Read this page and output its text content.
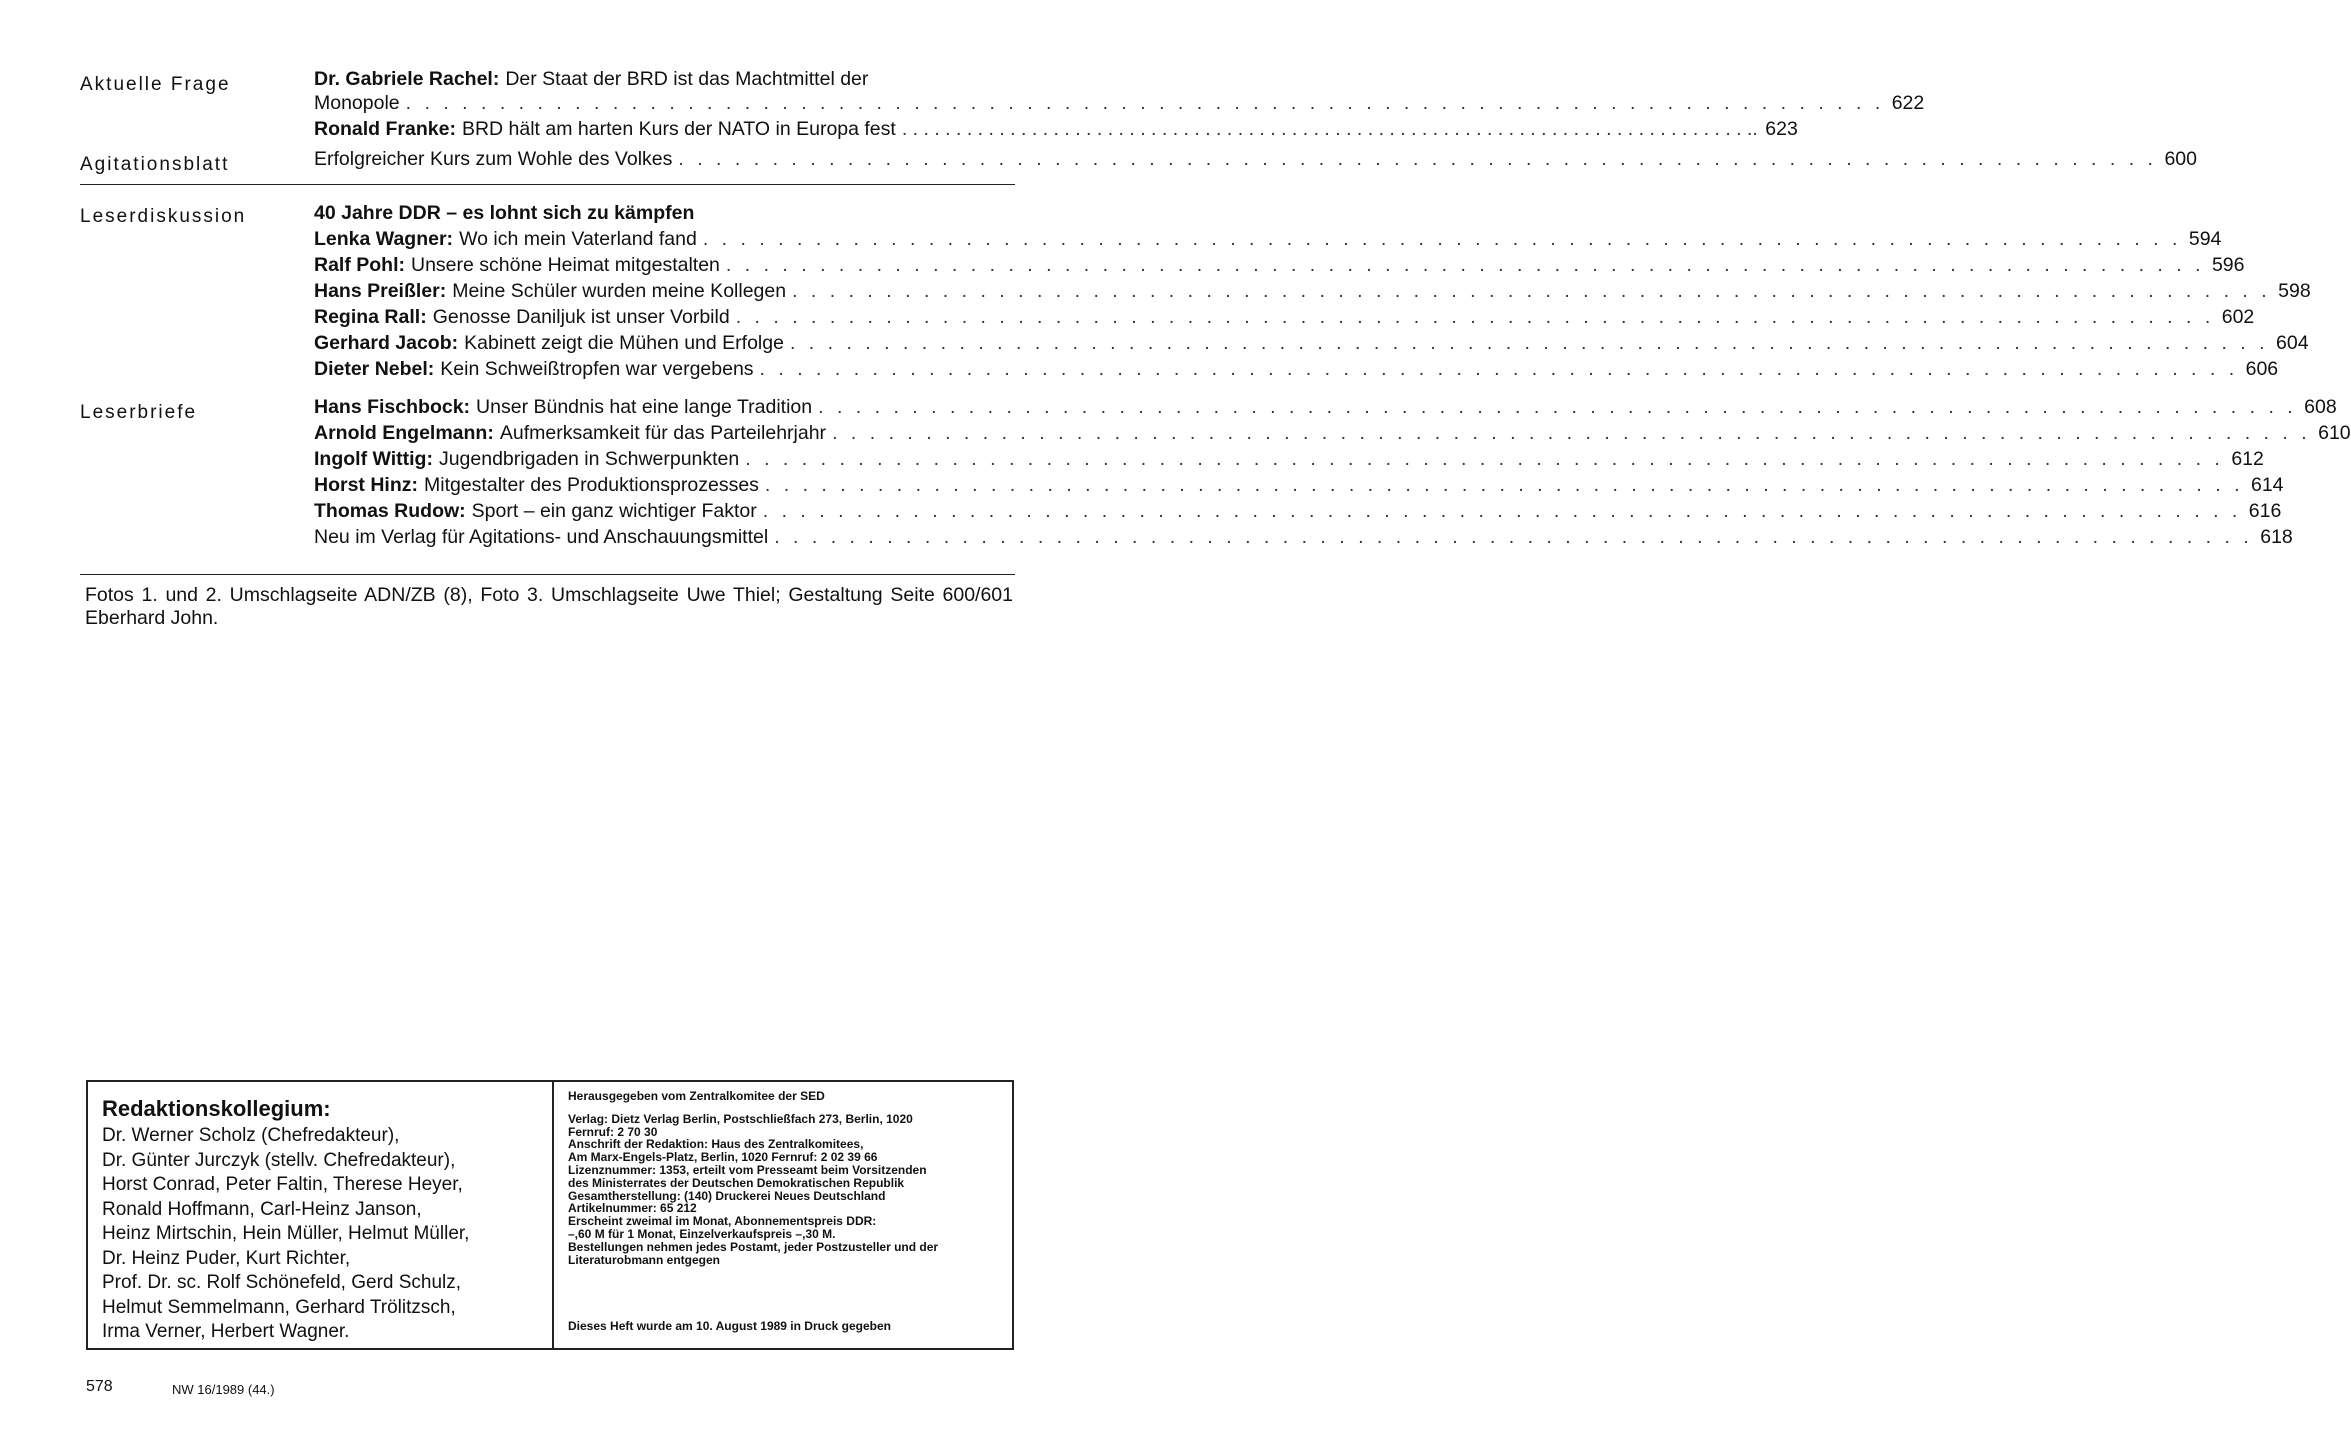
Aktuelle Frage	Dr. Gabriele Rachel: Der Staat der BRD ist das Machtmittel der
Monopole . . .	622
Ronald Franke: BRD hält am harten Kurs der NATO in Europa fest	. . . . 623
Agitationsblatt	Erfolgreicher Kurs zum Wohle des Volkes . . .	600
Leserdiskussion	40 Jahre DDR – es lohnt sich zu kämpfen
Lenka Wagner: Wo ich mein Vaterland fand . . .	594
Ralf Pohl: Unsere schöne Heimat mitgestalten . . .	596
Hans Preißler: Meine Schüler wurden meine Kollegen . . .	598
Regina Rall: Genosse Daniljuk ist unser Vorbild . . .	602
Gerhard Jacob: Kabinett zeigt die Mühen und Erfolge . . .	604
Dieter Nebel: Kein Schweißtropfen war vergebens . . .	606
Leserbriefe	Hans Fischbock: Unser Bündnis hat eine lange Tradition . . .	608
Arnold Engelmann: Aufmerksamkeit für das Parteilehrjahr . . .	610
Ingolf Wittig: Jugendbrigaden in Schwerpunkten . . .	612
Horst Hinz: Mitgestalter des Produktionsprozesses . . .	614
Thomas Rudow: Sport – ein ganz wichtiger Faktor . . .	616
Neu im Verlag für Agitations- und Anschauungsmittel . . .	618
Fotos 1. und 2. Umschlagseite ADN/ZB (8), Foto 3. Umschlagseite Uwe Thiel; Gestaltung Seite 600/601 Eberhard John.
Redaktionskollegium:
Dr. Werner Scholz (Chefredakteur),
Dr. Günter Jurczyk (stellv. Chefredakteur),
Horst Conrad, Peter Faltin, Therese Heyer,
Ronald Hoffmann, Carl-Heinz Janson,
Heinz Mirtschin, Hein Müller, Helmut Müller,
Dr. Heinz Puder, Kurt Richter,
Prof. Dr. sc. Rolf Schönefeld, Gerd Schulz,
Helmut Semmelmann, Gerhard Trölitzsch,
Irma Verner, Herbert Wagner.
Herausgegeben vom Zentralkomitee der SED
Verlag: Dietz Verlag Berlin, Postschließfach 273, Berlin, 1020
Fernruf: 2 70 30
Anschrift der Redaktion: Haus des Zentralkomitees,
Am Marx-Engels-Platz, Berlin, 1020 Fernruf: 2 02 39 66
Lizenznummer: 1353, erteilt vom Presseamt beim Vorsitzenden
des Ministerrates der Deutschen Demokratischen Republik
Gesamtherstellung: (140) Druckerei Neues Deutschland
Artikelnummer: 65 212
Erscheint zweimal im Monat, Abonnementspreis DDR:
–,60 M für 1 Monat, Einzelverkaufspreis –,30 M.
Bestellungen nehmen jedes Postamt, jeder Postzusteller und der
Literaturobmann entgegen
Dieses Heft wurde am 10. August 1989 in Druck gegeben
578	NW 16/1989 (44.)
